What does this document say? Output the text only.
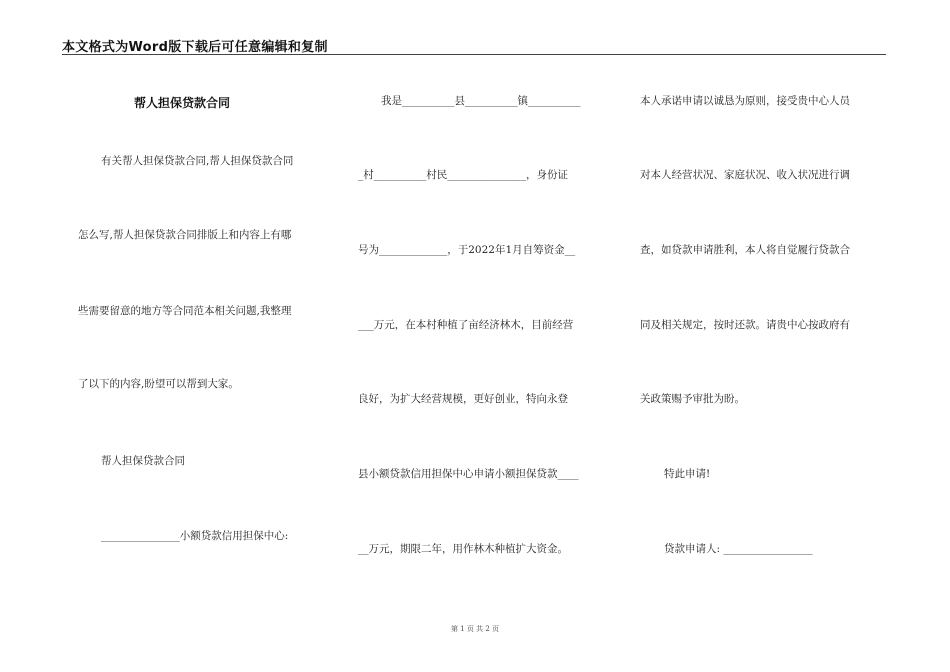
本文格式为Word版下载后可任意编辑和复制
帮人担保贷款合同
有关帮人担保贷款合同,帮人担保贷款合同
怎么写,帮人担保贷款合同排版上和内容上有哪
些需要留意的地方等合同范本相关问题,我整理
了以下的内容,盼望可以帮到大家。
帮人担保贷款合同
_______________小额贷款信用担保中心:
我是__________县__________镇__________
_村__________村民_______________，身份证
号为_____________，于2022年1月自筹资金__
___万元，在本村种植了亩经济林木，目前经营
良好，为扩大经营规模，更好创业，特向永登
县小额贷款信用担保中心申请小额担保贷款____
__万元，期限二年，用作林木种植扩大资金。
本人承诺申请以诚恳为原则，接受贵中心人员
对本人经营状况、家庭状况、收入状况进行调
查，如贷款申请胜利，本人将自觉履行贷款合
同及相关规定，按时还款。请贵中心按政府有
关政策赐予审批为盼。
特此申请!
贷款申请人: _________________
第 1 页 共 2 页
